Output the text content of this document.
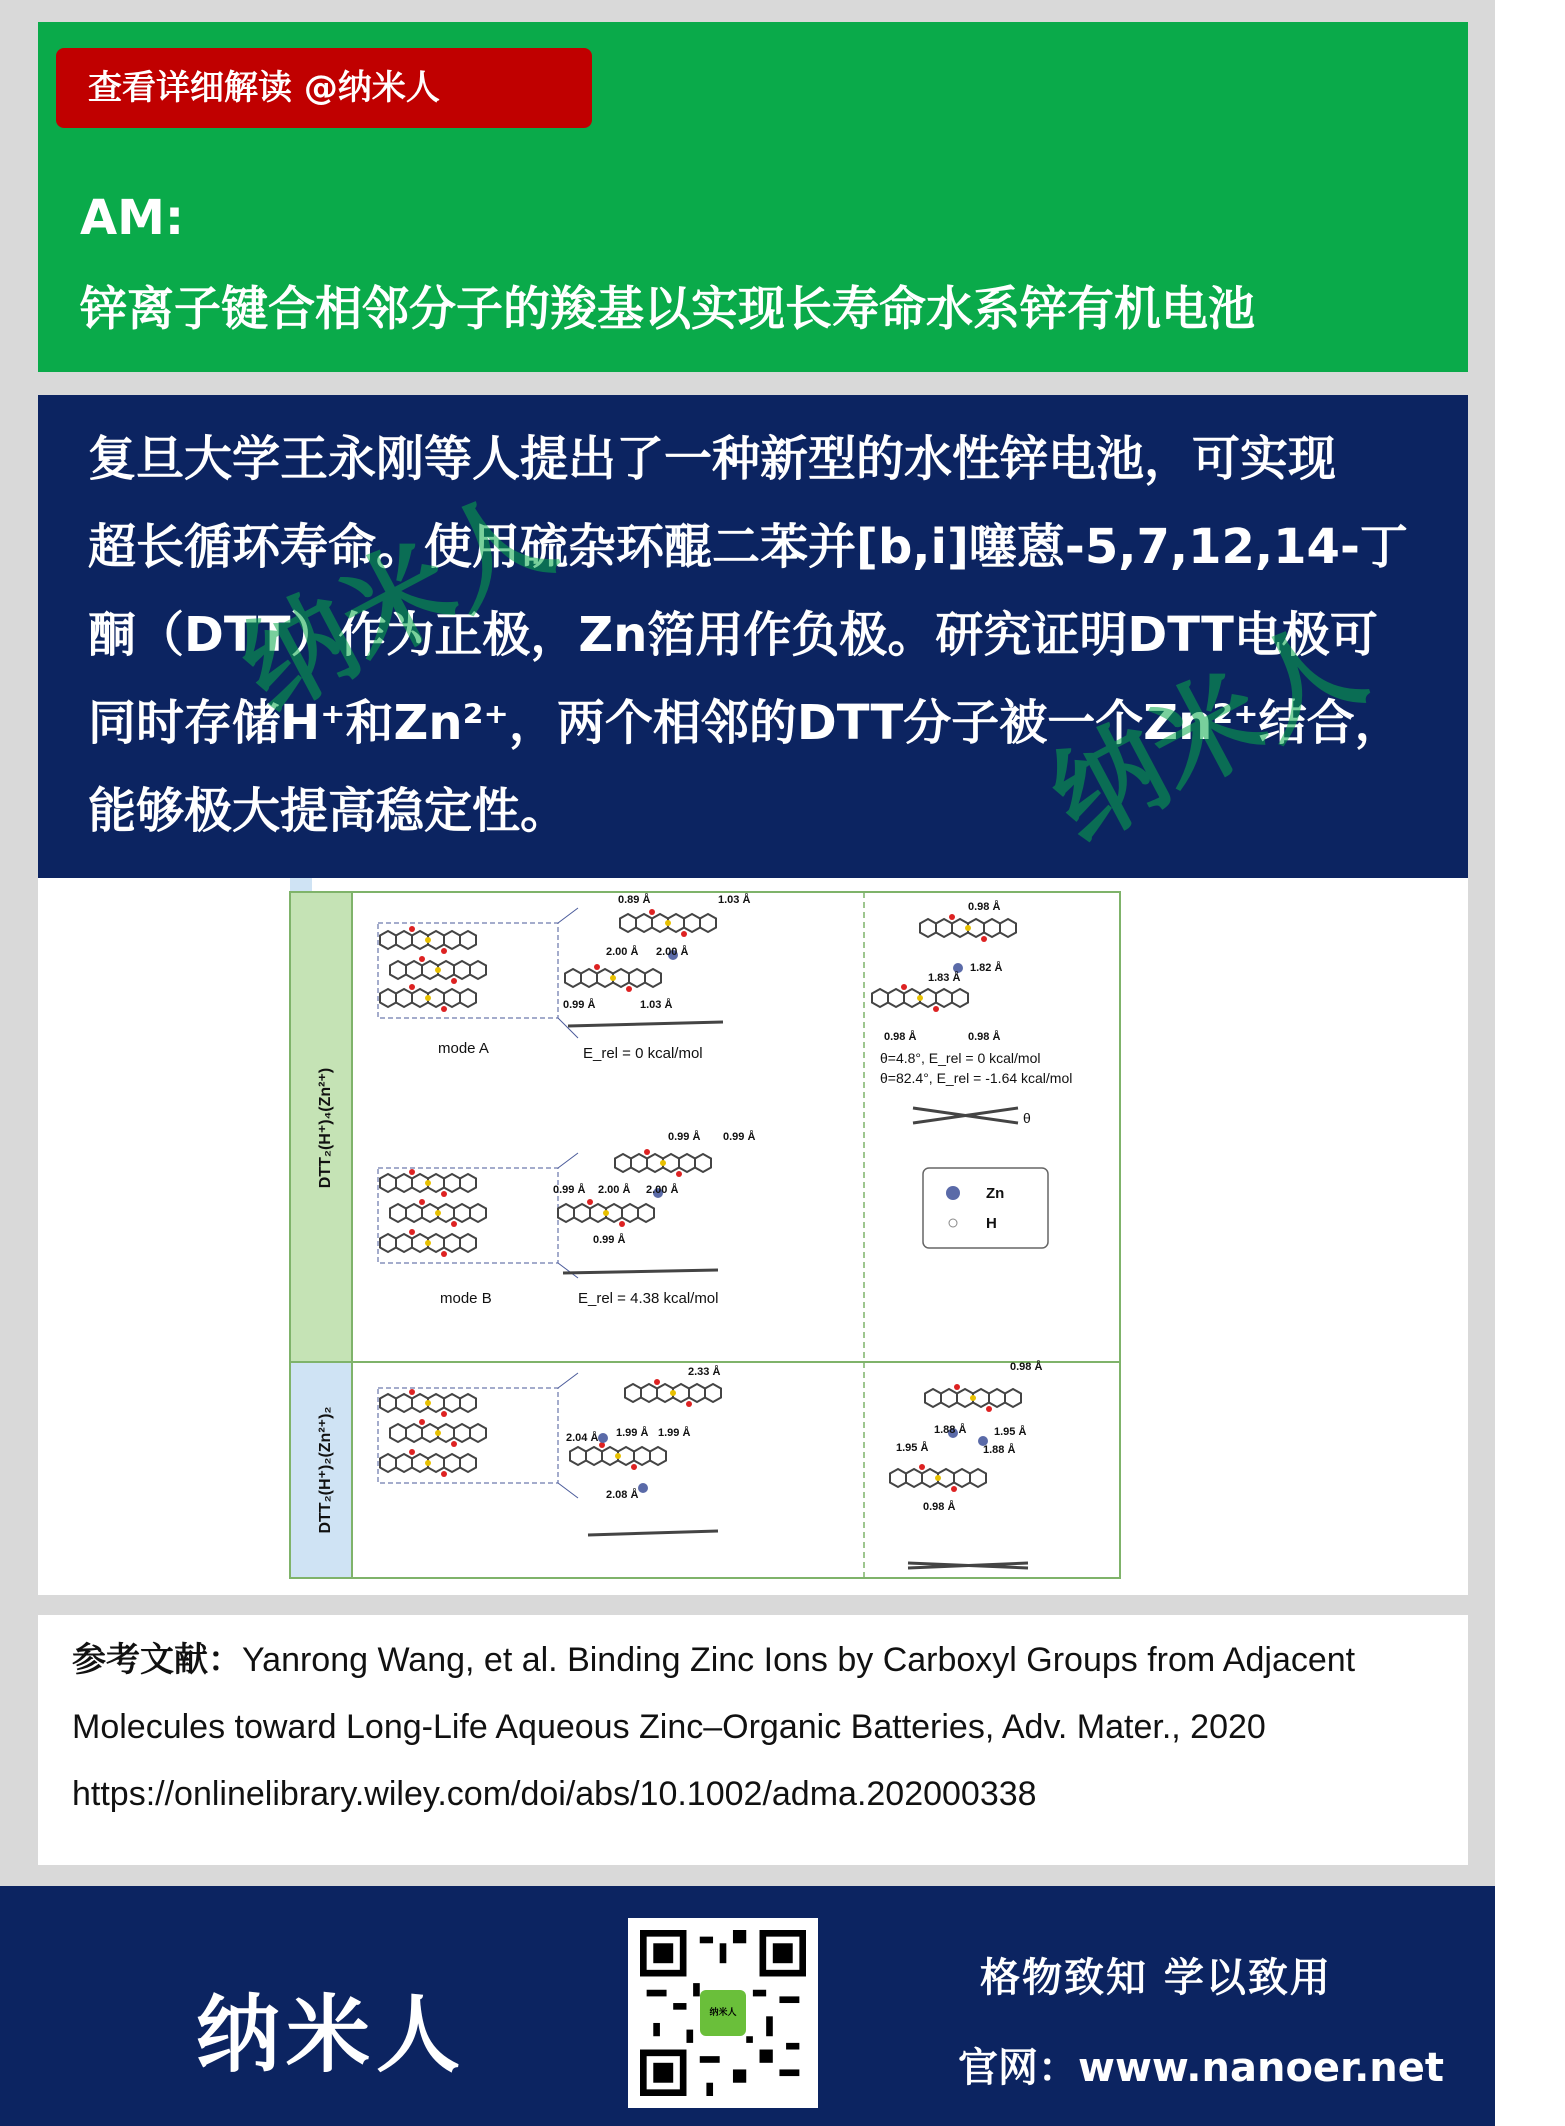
查看详细解读 @纳米人
AM:
锌离子键合相邻分子的羧基以实现长寿命水系锌有机电池
复旦大学王永刚等人提出了一种新型的水性锌电池，可实现
超长循环寿命。使用硫杂环醌二苯并[b,i]噻蒽-5,7,12,14-丁
酮（DTT）作为正极，Zn箔用作负极。研究证明DTT电极可
同时存储H⁺和Zn²⁺，两个相邻的DTT分子被一个Zn²⁺结合，
能够极大提高稳定性。
纳米人	纳米人
DTT₂(H⁺)₄(Zn²⁺)
DTT₂(H⁺)₂(Zn²⁺)₂
mode A
0.89 Å	1.03 Å
2.00 Å 2.00 Å
0.99 Å	1.03 Å
E_rel = 0 kcal/mol
0.98 Å
1.82 Å
1.83 Å
0.98 Å	0.98 Å
θ=4.8°, E_rel = 0 kcal/mol
θ=82.4°, E_rel = -1.64 kcal/mol
θ
Zn
H
mode B
0.99 Å 0.99 Å
0.99 Å 2.00 Å 2.00 Å
0.99 Å
E_rel = 4.38 kcal/mol
2.33 Å
2.04 Å 1.99 Å 1.99 Å
2.08 Å
0.98 Å
1.88 Å
1.95 Å
1.95 Å
1.88 Å
0.98 Å
参考文献：Yanrong Wang, et al. Binding Zinc Ions by Carboxyl Groups from Adjacent Molecules toward Long-Life Aqueous Zinc–Organic Batteries, Adv. Mater., 2020
https://onlinelibrary.wiley.com/doi/abs/10.1002/adma.202000338
纳米人	纳米人
格物致知 学以致用
官网：www.nanoer.net
